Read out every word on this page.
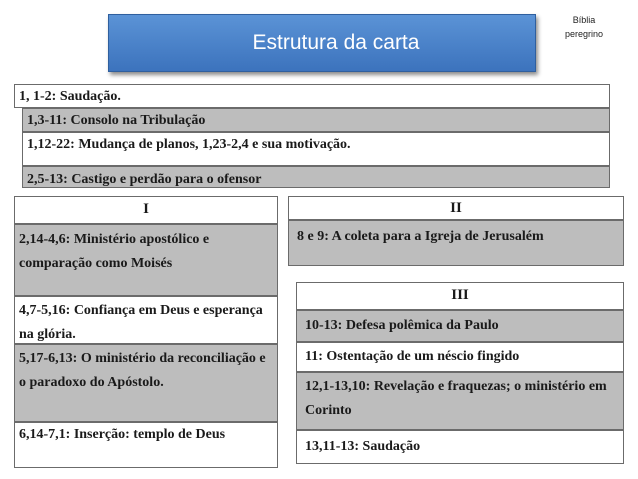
Estrutura da carta
Bíblia
peregrino
1, 1-2: Saudação.
1,3-11: Consolo na Tribulação
1,12-22: Mudança de planos, 1,23-2,4 e sua motivação.
2,5-13: Castigo e perdão para o ofensor
I
2,14-4,6: Ministério apostólico e comparação como Moisés
4,7-5,16: Confiança em Deus e esperança na glória.
5,17-6,13: O ministério da reconciliação e o paradoxo do Apóstolo.
6,14-7,1: Inserção: templo de Deus
II
8 e 9: A coleta para a Igreja de Jerusalém
III
10-13: Defesa polêmica da Paulo
11: Ostentação de um néscio fingido
12,1-13,10: Revelação e fraquezas; o ministério em Corinto
13,11-13: Saudação
